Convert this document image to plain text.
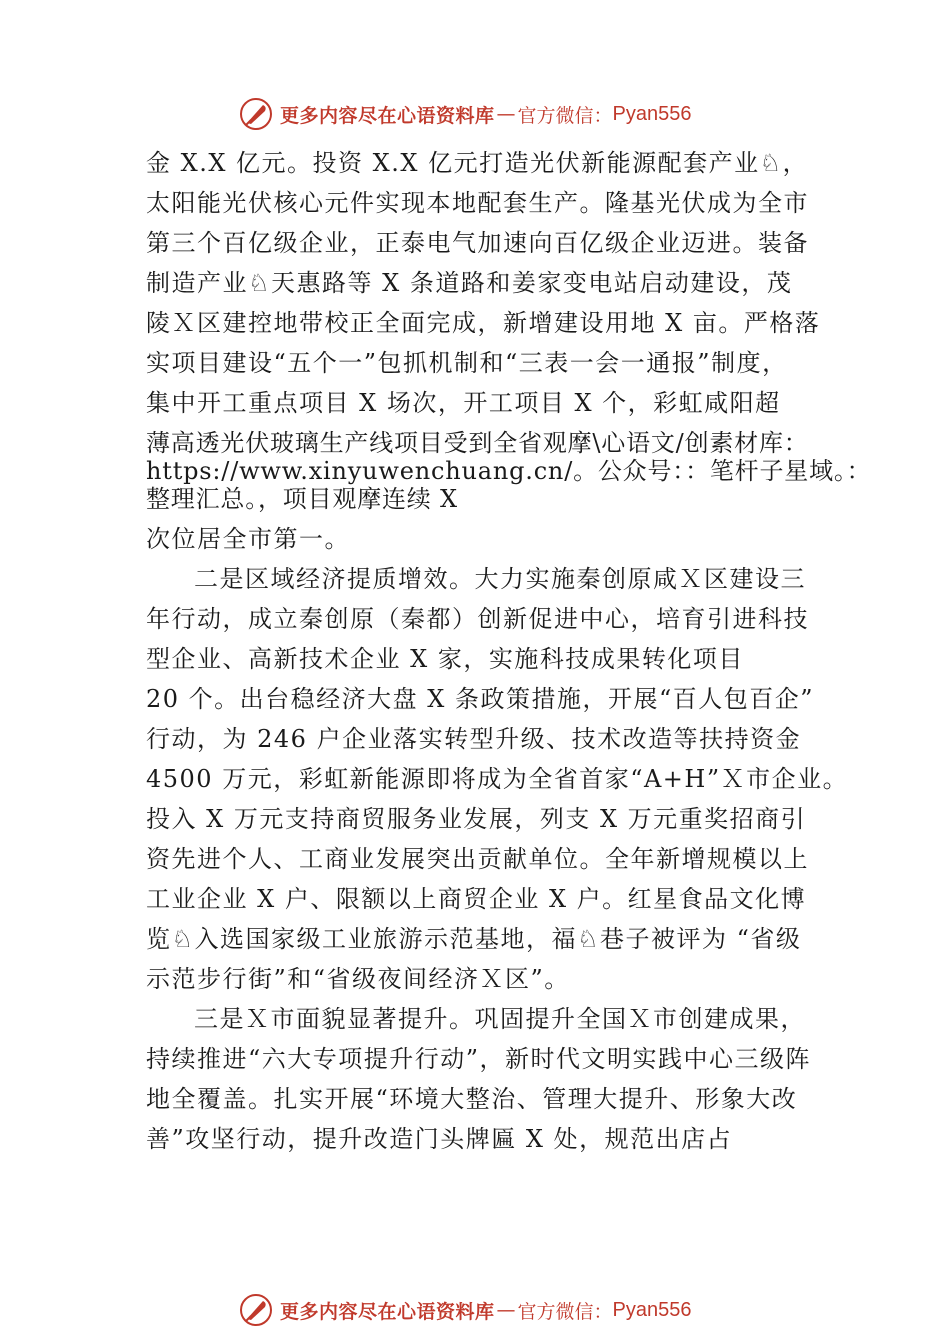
更多内容尽在心语资料库 — 官方微信： Pyan556
金 X.X 亿元。投资 X.X 亿元打造光伏新能源配套产业♘，
太阳能光伏核心元件实现本地配套生产。隆基光伏成为全市
第三个百亿级企业，正泰电气加速向百亿级企业迈进。装备
制造产业♘天惠路等 X 条道路和姜家变电站启动建设，茂
陵Ｘ区建控地带校正全面完成，新增建设用地 X 亩。严格落
实项目建设“五个一”包抓机制和“三表一会一通报”制度，
集中开工重点项目 X 场次，开工项目 X 个，彩虹咸阳超
薄高透光伏玻璃生产线项目受到全省观摩\心语文/创素材库：
https://www.xinyuwenchuang.cn/。公众号：：笔杆子星域。：
整理汇总。，项目观摩连续 X
次位居全市第一。
二是区域经济提质增效。大力实施秦创原咸Ｘ区建设三
年行动，成立秦创原（秦都）创新促进中心，培育引进科技
型企业、高新技术企业 X 家，实施科技成果转化项目
20 个。出台稳经济大盘 X 条政策措施，开展“百人包百企”
行动，为 246 户企业落实转型升级、技术改造等扶持资金
4500 万元，彩虹新能源即将成为全省首家“A+H”Ｘ市企业。
投入 X 万元支持商贸服务业发展，列支 X 万元重奖招商引
资先进个人、工商业发展突出贡献单位。全年新增规模以上
工业企业 X 户、限额以上商贸企业 X 户。红星食品文化博
览♘入选国家级工业旅游示范基地，福♘巷子被评为 “省级
示范步行街”和“省级夜间经济Ｘ区”。
三是Ｘ市面貌显著提升。巩固提升全国Ｘ市创建成果，
持续推进“六大专项提升行动”，新时代文明实践中心三级阵
地全覆盖。扎实开展“环境大整治、管理大提升、形象大改
善”攻坚行动，提升改造门头牌匾 X 处，规范出店占
更多内容尽在心语资料库 — 官方微信： Pyan556
